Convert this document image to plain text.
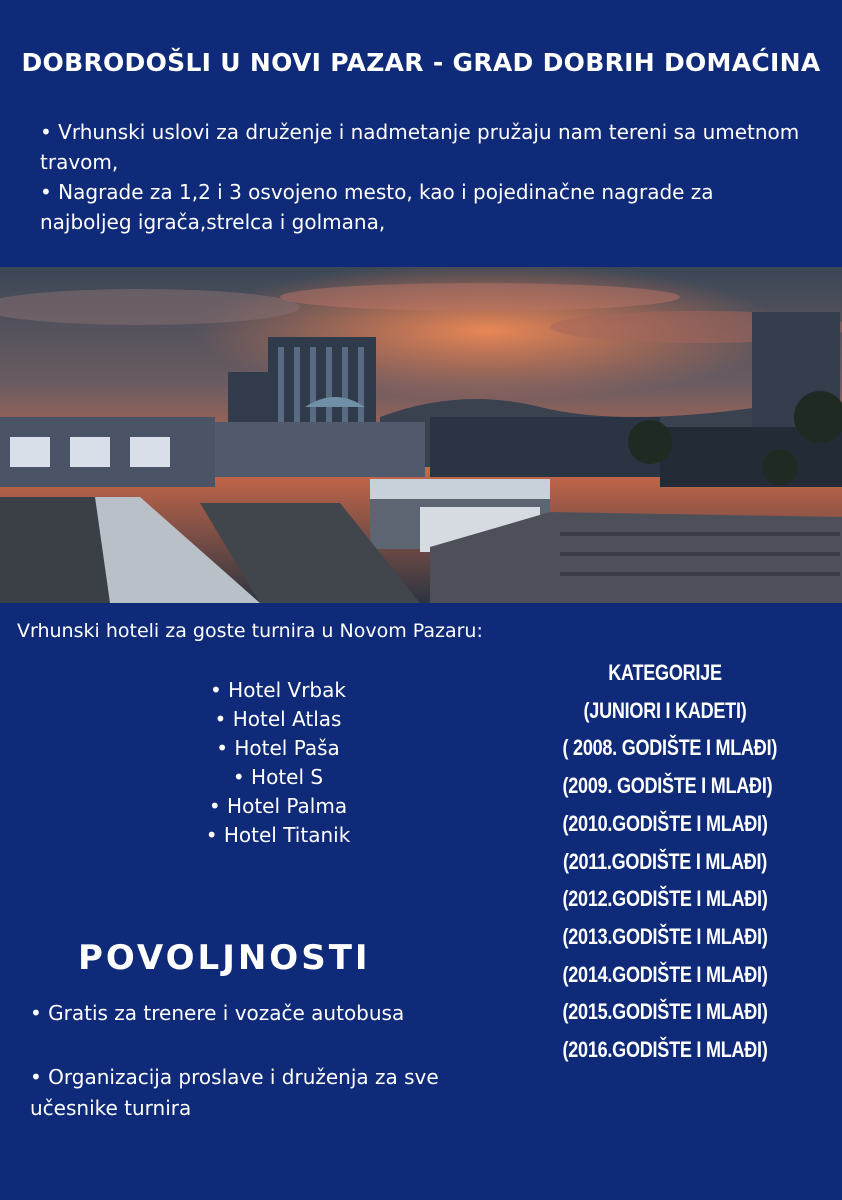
DOBRODOŠLI U NOVI PAZAR - GRAD DOBRIH DOMAĆINA

• Vrhunski uslovi za druženje i nadmetanje pružaju nam tereni sa umetnom travom,

• Nagrade za 1,2 i 3 osvojeno mesto, kao i pojedinačne nagrade za najboljeg igrača,strelca i golmana,

Vrhunski hoteli za goste turnira u Novom Pazaru:
• Hotel Vrbak
• Hotel Atlas
• Hotel Paša
• Hotel S
• Hotel Palma
• Hotel Titanik
KATEGORIJE
(JUNIORI I KADETI)
( 2008. GODIŠTE I MLAĐI)
(2009. GODIŠTE I MLAĐI)
(2010.GODIŠTE I MLAĐI)
(2011.GODIŠTE I MLAĐI)
(2012.GODIŠTE I MLAĐI)
(2013.GODIŠTE I MLAĐI)
(2014.GODIŠTE I MLAĐI)
(2015.GODIŠTE I MLAĐI)
(2016.GODIŠTE I MLAĐI)
POVOLJNOSTI
• Gratis za trenere i vozače autobusa
• Organizacija proslave i druženja za sve učesnike turnira
